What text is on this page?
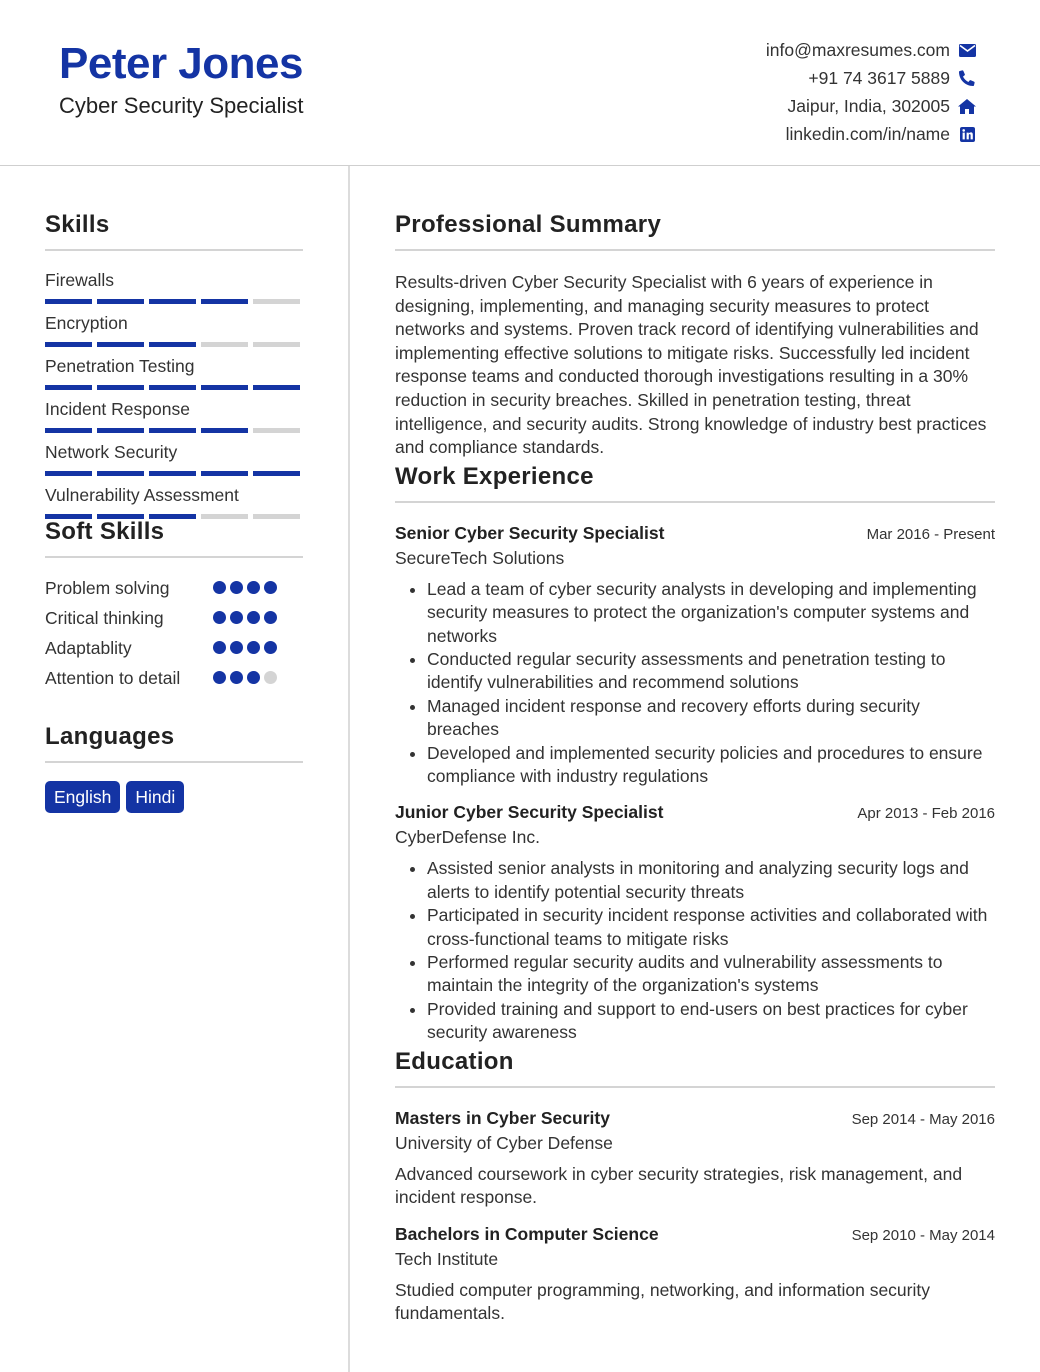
Peter Jones
Cyber Security Specialist
info@maxresumes.com
+91 74 3617 5889
Jaipur, India, 302005
linkedin.com/in/name
Skills
Firewalls
Encryption
Penetration Testing
Incident Response
Network Security
Vulnerability Assessment
Soft Skills
Problem solving
Critical thinking
Adaptablity
Attention to detail
Languages
English	Hindi
Professional Summary
Results-driven Cyber Security Specialist with 6 years of experience in designing, implementing, and managing security measures to protect networks and systems. Proven track record of identifying vulnerabilities and implementing effective solutions to mitigate risks. Successfully led incident response teams and conducted thorough investigations resulting in a 30% reduction in security breaches. Skilled in penetration testing, threat intelligence, and security audits. Strong knowledge of industry best practices and compliance standards.
Work Experience
Senior Cyber Security Specialist	Mar 2016 - Present
SecureTech Solutions
• Lead a team of cyber security analysts in developing and implementing security measures to protect the organization's computer systems and networks
• Conducted regular security assessments and penetration testing to identify vulnerabilities and recommend solutions
• Managed incident response and recovery efforts during security breaches
• Developed and implemented security policies and procedures to ensure compliance with industry regulations
Junior Cyber Security Specialist	Apr 2013 - Feb 2016
CyberDefense Inc.
• Assisted senior analysts in monitoring and analyzing security logs and alerts to identify potential security threats
• Participated in security incident response activities and collaborated with cross-functional teams to mitigate risks
• Performed regular security audits and vulnerability assessments to maintain the integrity of the organization's systems
• Provided training and support to end-users on best practices for cyber security awareness
Education
Masters in Cyber Security	Sep 2014 - May 2016
University of Cyber Defense
Advanced coursework in cyber security strategies, risk management, and incident response.
Bachelors in Computer Science	Sep 2010 - May 2014
Tech Institute
Studied computer programming, networking, and information security fundamentals.
